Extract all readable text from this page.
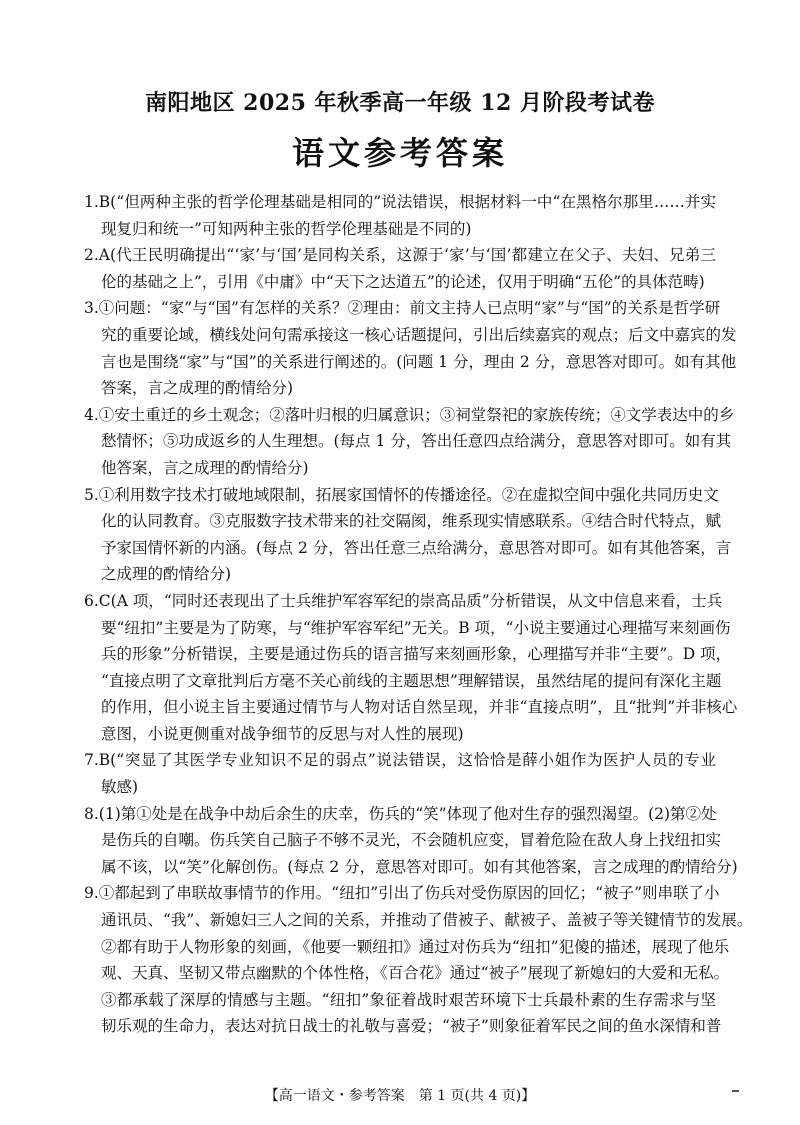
南阳地区 2025 年秋季高一年级 12 月阶段考试卷
语文参考答案
1.B(“但两种主张的哲学伦理基础是相同的”说法错误，根据材料一中“在黑格尔那里……并实
现复归和统一”可知两种主张的哲学伦理基础是不同的)
2.A(代王民明确提出“‘家’与‘国’是同构关系，这源于‘家’与‘国’都建立在父子、夫妇、兄弟三
伦的基础之上”，引用《中庸》中“天下之达道五”的论述，仅用于明确“五伦”的具体范畴)
3.①问题：“家”与“国”有怎样的关系？②理由：前文主持人已点明“家”与“国”的关系是哲学研
究的重要论域，横线处问句需承接这一核心话题提问，引出后续嘉宾的观点；后文中嘉宾的发
言也是围绕“家”与“国”的关系进行阐述的。(问题 1 分，理由 2 分，意思答对即可。如有其他
答案，言之成理的酌情给分)
4.①安土重迁的乡土观念；②落叶归根的归属意识；③祠堂祭祀的家族传统；④文学表达中的乡
愁情怀；⑤功成返乡的人生理想。(每点 1 分，答出任意四点给满分，意思答对即可。如有其
他答案，言之成理的酌情给分)
5.①利用数字技术打破地域限制，拓展家国情怀的传播途径。②在虚拟空间中强化共同历史文
化的认同教育。③克服数字技术带来的社交隔阂，维系现实情感联系。④结合时代特点，赋
予家国情怀新的内涵。(每点 2 分，答出任意三点给满分，意思答对即可。如有其他答案，言
之成理的酌情给分)
6.C(A 项，“同时还表现出了士兵维护军容军纪的崇高品质”分析错误，从文中信息来看，士兵
要“纽扣”主要是为了防寒，与“维护军容军纪”无关。B 项，“小说主要通过心理描写来刻画伤
兵的形象”分析错误，主要是通过伤兵的语言描写来刻画形象，心理描写并非“主要”。D 项，
“直接点明了文章批判后方毫不关心前线的主题思想”理解错误，虽然结尾的提问有深化主题
的作用，但小说主旨主要通过情节与人物对话自然呈现，并非“直接点明”，且“批判”并非核心
意图，小说更侧重对战争细节的反思与对人性的展现)
7.B(“突显了其医学专业知识不足的弱点”说法错误，这恰恰是薛小姐作为医护人员的专业
敏感)
8.(1)第①处是在战争中劫后余生的庆幸，伤兵的“笑”体现了他对生存的强烈渴望。(2)第②处
是伤兵的自嘲。伤兵笑自己脑子不够不灵光，不会随机应变，冒着危险在敌人身上找纽扣实
属不该，以“笑”化解创伤。(每点 2 分，意思答对即可。如有其他答案，言之成理的酌情给分)
9.①都起到了串联故事情节的作用。“纽扣”引出了伤兵对受伤原因的回忆；“被子”则串联了小
通讯员、“我”、新媳妇三人之间的关系，并推动了借被子、献被子、盖被子等关键情节的发展。
②都有助于人物形象的刻画，《他要一颗纽扣》通过对伤兵为“纽扣”犯傻的描述，展现了他乐
观、天真、坚韧又带点幽默的个体性格，《百合花》通过“被子”展现了新媳妇的大爱和无私。
③都承载了深厚的情感与主题。“纽扣”象征着战时艰苦环境下士兵最朴素的生存需求与坚
韧乐观的生命力，表达对抗日战士的礼敬与喜爱；“被子”则象征着军民之间的鱼水深情和普
【高一语文・参考答案　第 1 页(共 4 页)】
